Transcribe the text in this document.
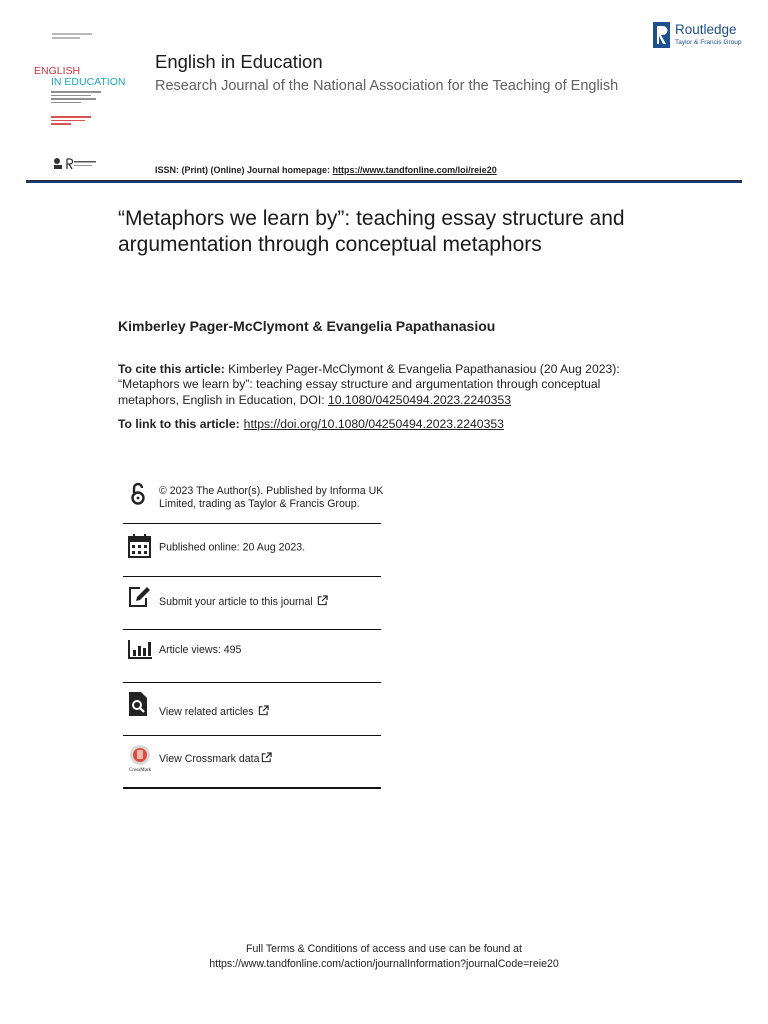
ENGLISH
IN EDUCATION
English in Education
Research Journal of the National Association for the Teaching of English
Routledge
Taylor & Francis Group
ISSN: (Print) (Online) Journal homepage: https://www.tandfonline.com/loi/reie20
“Metaphors we learn by”: teaching essay structure and argumentation through conceptual metaphors
Kimberley Pager-McClymont & Evangelia Papathanasiou
To cite this article: Kimberley Pager-McClymont & Evangelia Papathanasiou (20 Aug 2023): “Metaphors we learn by”: teaching essay structure and argumentation through conceptual metaphors, English in Education, DOI: 10.1080/04250494.2023.2240353
To link to this article: https://doi.org/10.1080/04250494.2023.2240353
© 2023 The Author(s). Published by Informa UK Limited, trading as Taylor & Francis Group.
Published online: 20 Aug 2023.
Submit your article to this journal
Article views: 495
View related articles
CrossMark
View Crossmark data
Full Terms & Conditions of access and use can be found at
https://www.tandfonline.com/action/journalInformation?journalCode=reie20
